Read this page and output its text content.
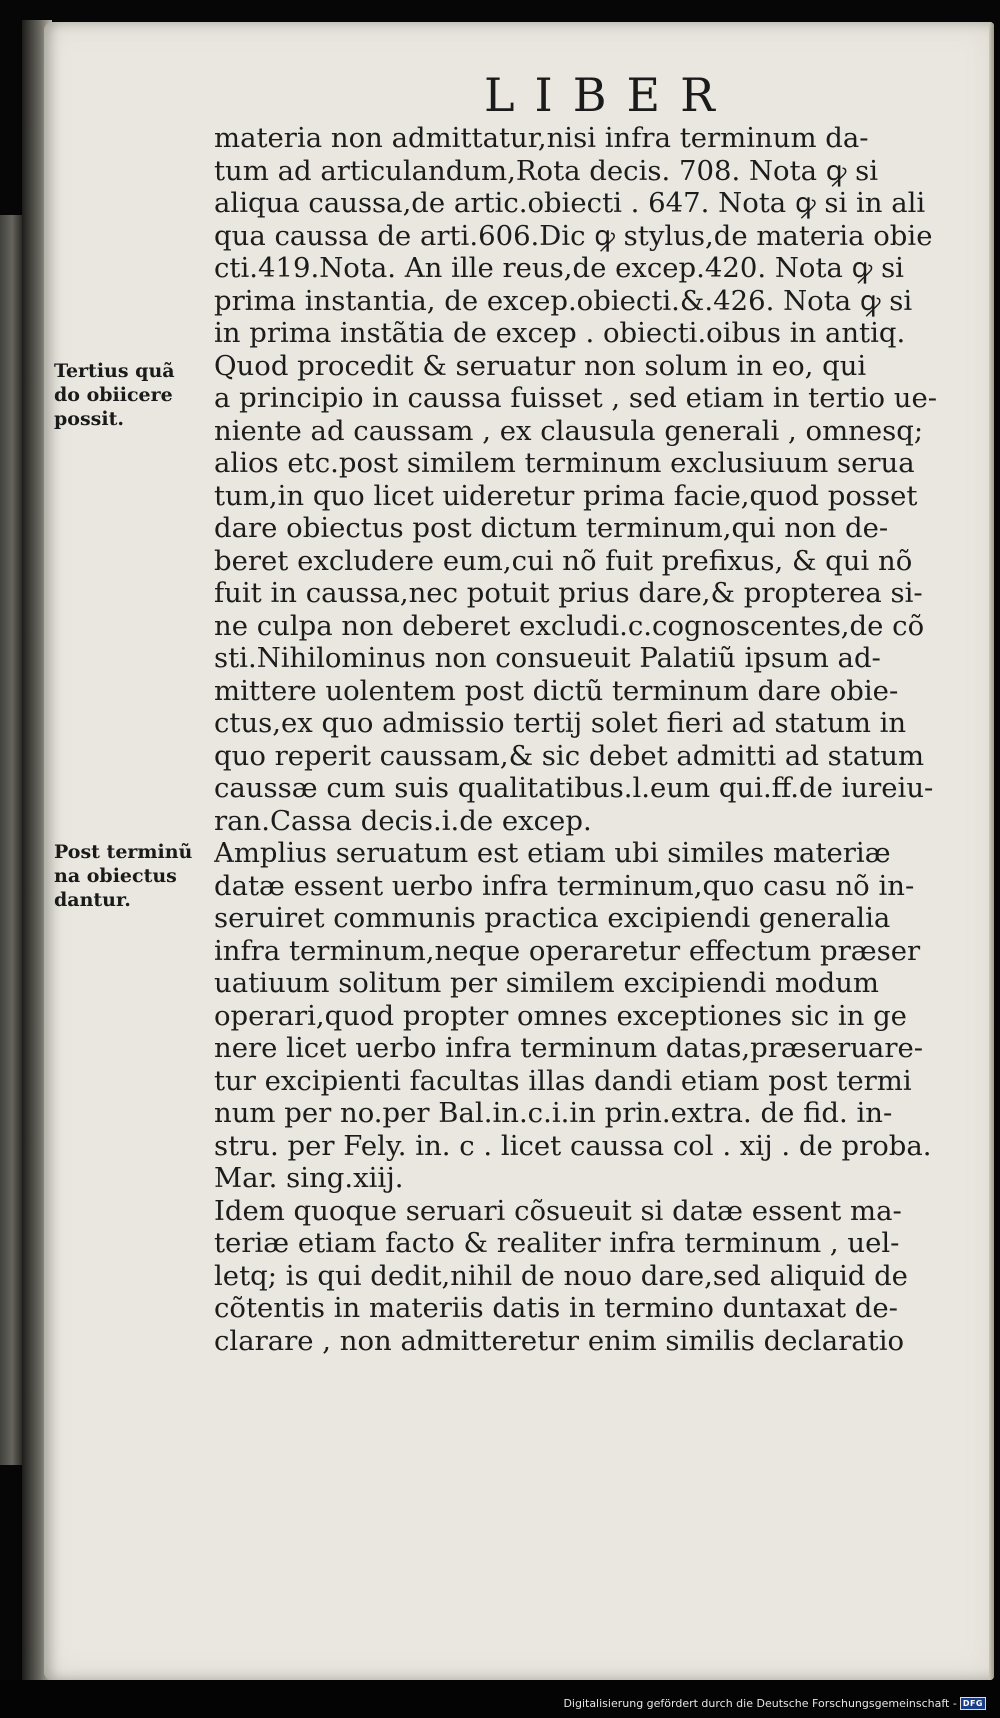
LIBER
Tertius quã
do obiicere
possit.
Post terminũ
na obiectus
dantur.
materia non admittatur,nisi infra terminum da-
tum ad articulandum,Rota decis. 708. Nota ꝙ si
aliqua caussa,de artic.obiecti . 647. Nota ꝙ si in ali
qua caussa de arti.606.Dic ꝙ stylus,de materia obie
cti.419.Nota. An ille reus,de excep.420. Nota ꝙ si
prima instantia, de excep.obiecti.&.426. Nota ꝙ si
in prima instãtia de excep . obiecti.oibus in antiq.
Quod procedit & seruatur non solum in eo, qui
a principio in caussa fuisset , sed etiam in tertio ue-
niente ad caussam , ex clausula generali , omnesq;
alios etc.post similem terminum exclusiuum serua
tum,in quo licet uideretur prima facie,quod posset
dare obiectus post dictum terminum,qui non de-
beret excludere eum,cui nõ fuit prefixus, & qui nõ
fuit in caussa,nec potuit prius dare,& propterea si-
ne culpa non deberet excludi.c.cognoscentes,de cõ
sti.Nihilominus non consueuit Palatiũ ipsum ad-
mittere uolentem post dictũ terminum dare obie-
ctus,ex quo admissio tertij solet fieri ad statum in
quo reperit caussam,& sic debet admitti ad statum
caussæ cum suis qualitatibus.l.eum qui.ff.de iureiu-
ran.Cassa decis.i.de excep.
Amplius seruatum est etiam ubi similes materiæ
datæ essent uerbo infra terminum,quo casu nõ in-
seruiret communis practica excipiendi generalia
infra terminum,neque operaretur effectum præser
uatiuum solitum per similem excipiendi modum
operari,quod propter omnes exceptiones sic in ge
nere licet uerbo infra terminum datas,præseruare-
tur excipienti facultas illas dandi etiam post termi
num per no.per Bal.in.c.i.in prin.extra. de fid. in-
stru. per Fely. in. c . licet caussa col . xij . de proba.
Mar. sing.xiij.
Idem quoque seruari cõsueuit si datæ essent ma-
teriæ etiam facto & realiter infra terminum , uel-
letq; is qui dedit,nihil de nouo dare,sed aliquid de
cõtentis in materiis datis in termino duntaxat de-
clarare , non admitteretur enim similis declaratio
Digitalisierung gefördert durch die Deutsche Forschungsgemeinschaft - DFG
